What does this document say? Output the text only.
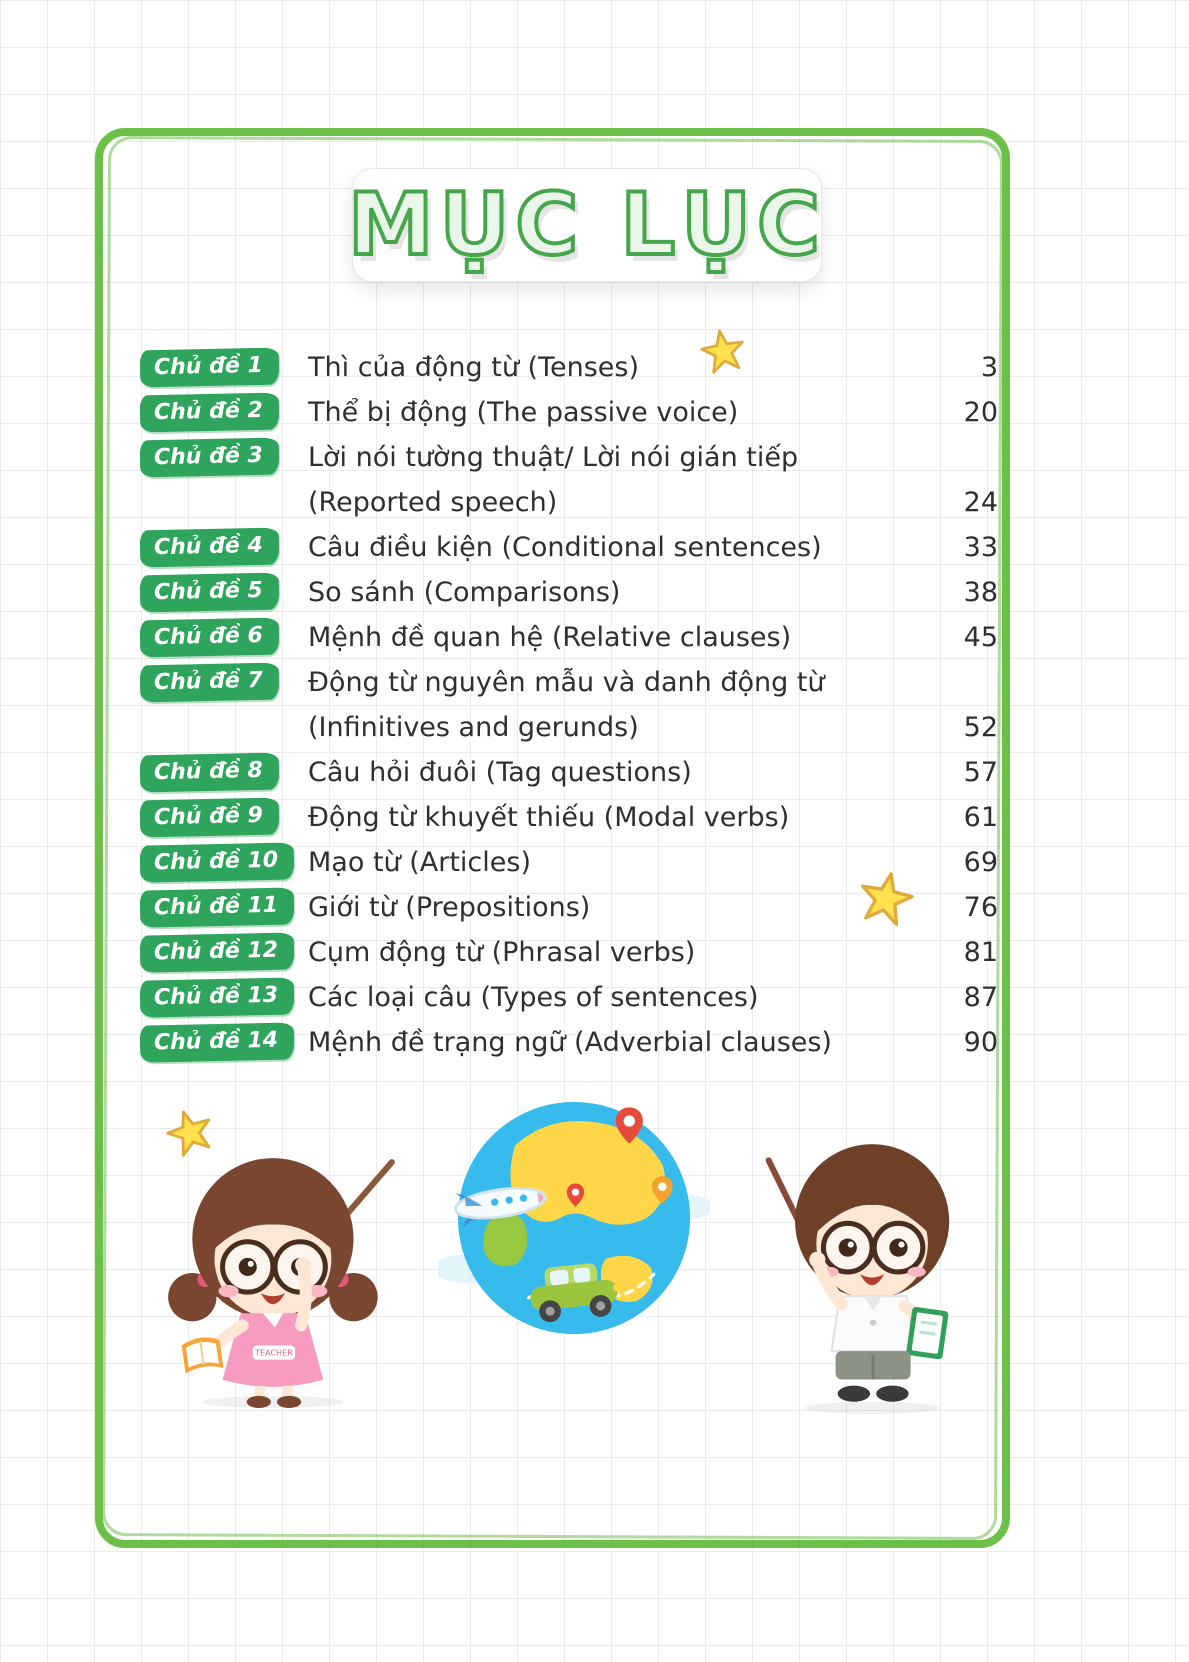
MỤC LỤC
Chủ đề 1	Thì của động từ (Tenses)	3
Chủ đề 2	Thể bị động (The passive voice)	20
Chủ đề 3	Lời nói tường thuật/ Lời nói gián tiếp
(Reported speech)	24
Chủ đề 4	Câu điều kiện (Conditional sentences)	33
Chủ đề 5	So sánh (Comparisons)	38
Chủ đề 6	Mệnh đề quan hệ (Relative clauses)	45
Chủ đề 7	Động từ nguyên mẫu và danh động từ
(Infinitives and gerunds)	52
Chủ đề 8	Câu hỏi đuôi (Tag questions)	57
Chủ đề 9	Động từ khuyết thiếu (Modal verbs)	61
Chủ đề 10	Mạo từ (Articles)	69
Chủ đề 11	Giới từ (Prepositions)	76
Chủ đề 12	Cụm động từ (Phrasal verbs)	81
Chủ đề 13	Các loại câu (Types of sentences)	87
Chủ đề 14	Mệnh đề trạng ngữ (Adverbial clauses)	90
TEACHER
